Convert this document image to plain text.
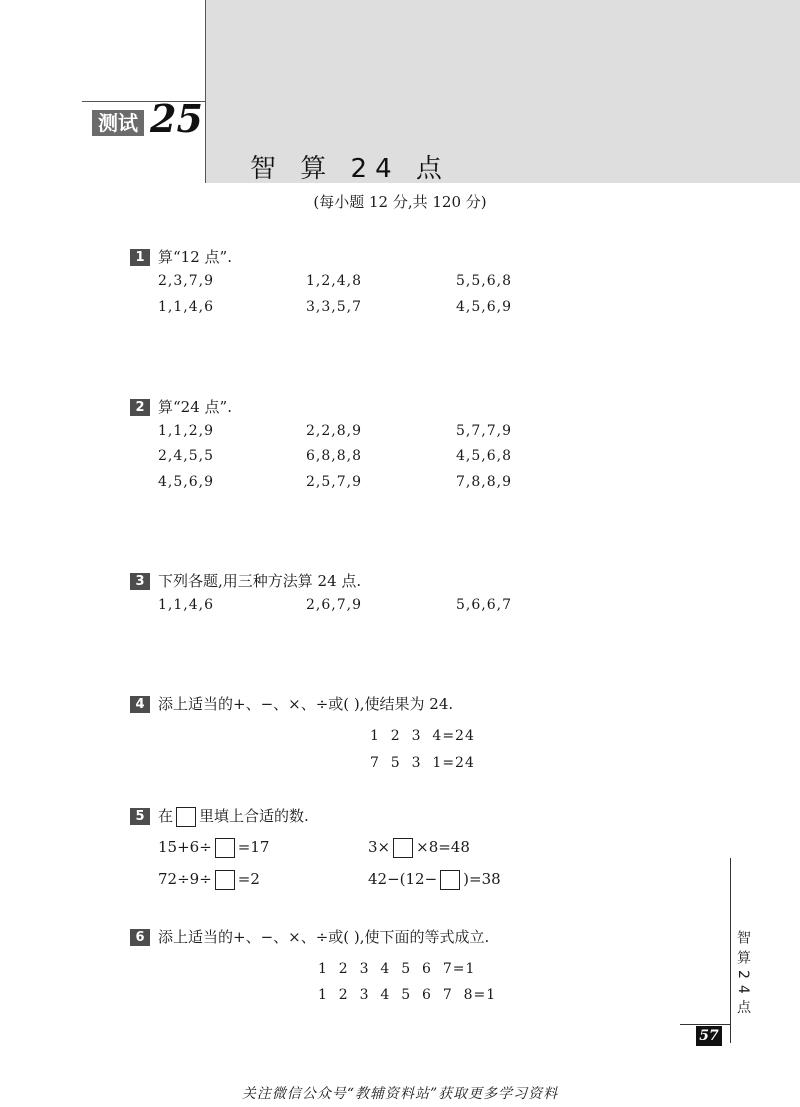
测试 25
智 算 24 点
(每小题 12 分,共 120 分)
1 算“12 点”.
2,3,7,9	1,2,4,8	5,5,6,8
1,1,4,6	3,3,5,7	4,5,6,9
2 算“24 点”.
1,1,2,9	2,2,8,9	5,7,7,9
2,4,5,5	6,8,8,8	4,5,6,8
4,5,6,9	2,5,7,9	7,8,8,9
3 下列各题,用三种方法算 24 点.
1,1,4,6	2,6,7,9	5,6,6,7
4 添上适当的+、−、×、÷或( ),使结果为 24.
1  2  3  4=24
7  5  3  1=24
5 在 里填上合适的数.
15+6÷ =17	3× ×8=48
72÷9÷ =2	42−(12− )=38
6 添上适当的+、−、×、÷或( ),使下面的等式成立.
1  2  3  4  5  6  7=1
1  2  3  4  5  6  7  8=1	智算24点
57
关注微信公众号“教辅资料站”获取更多学习资料
